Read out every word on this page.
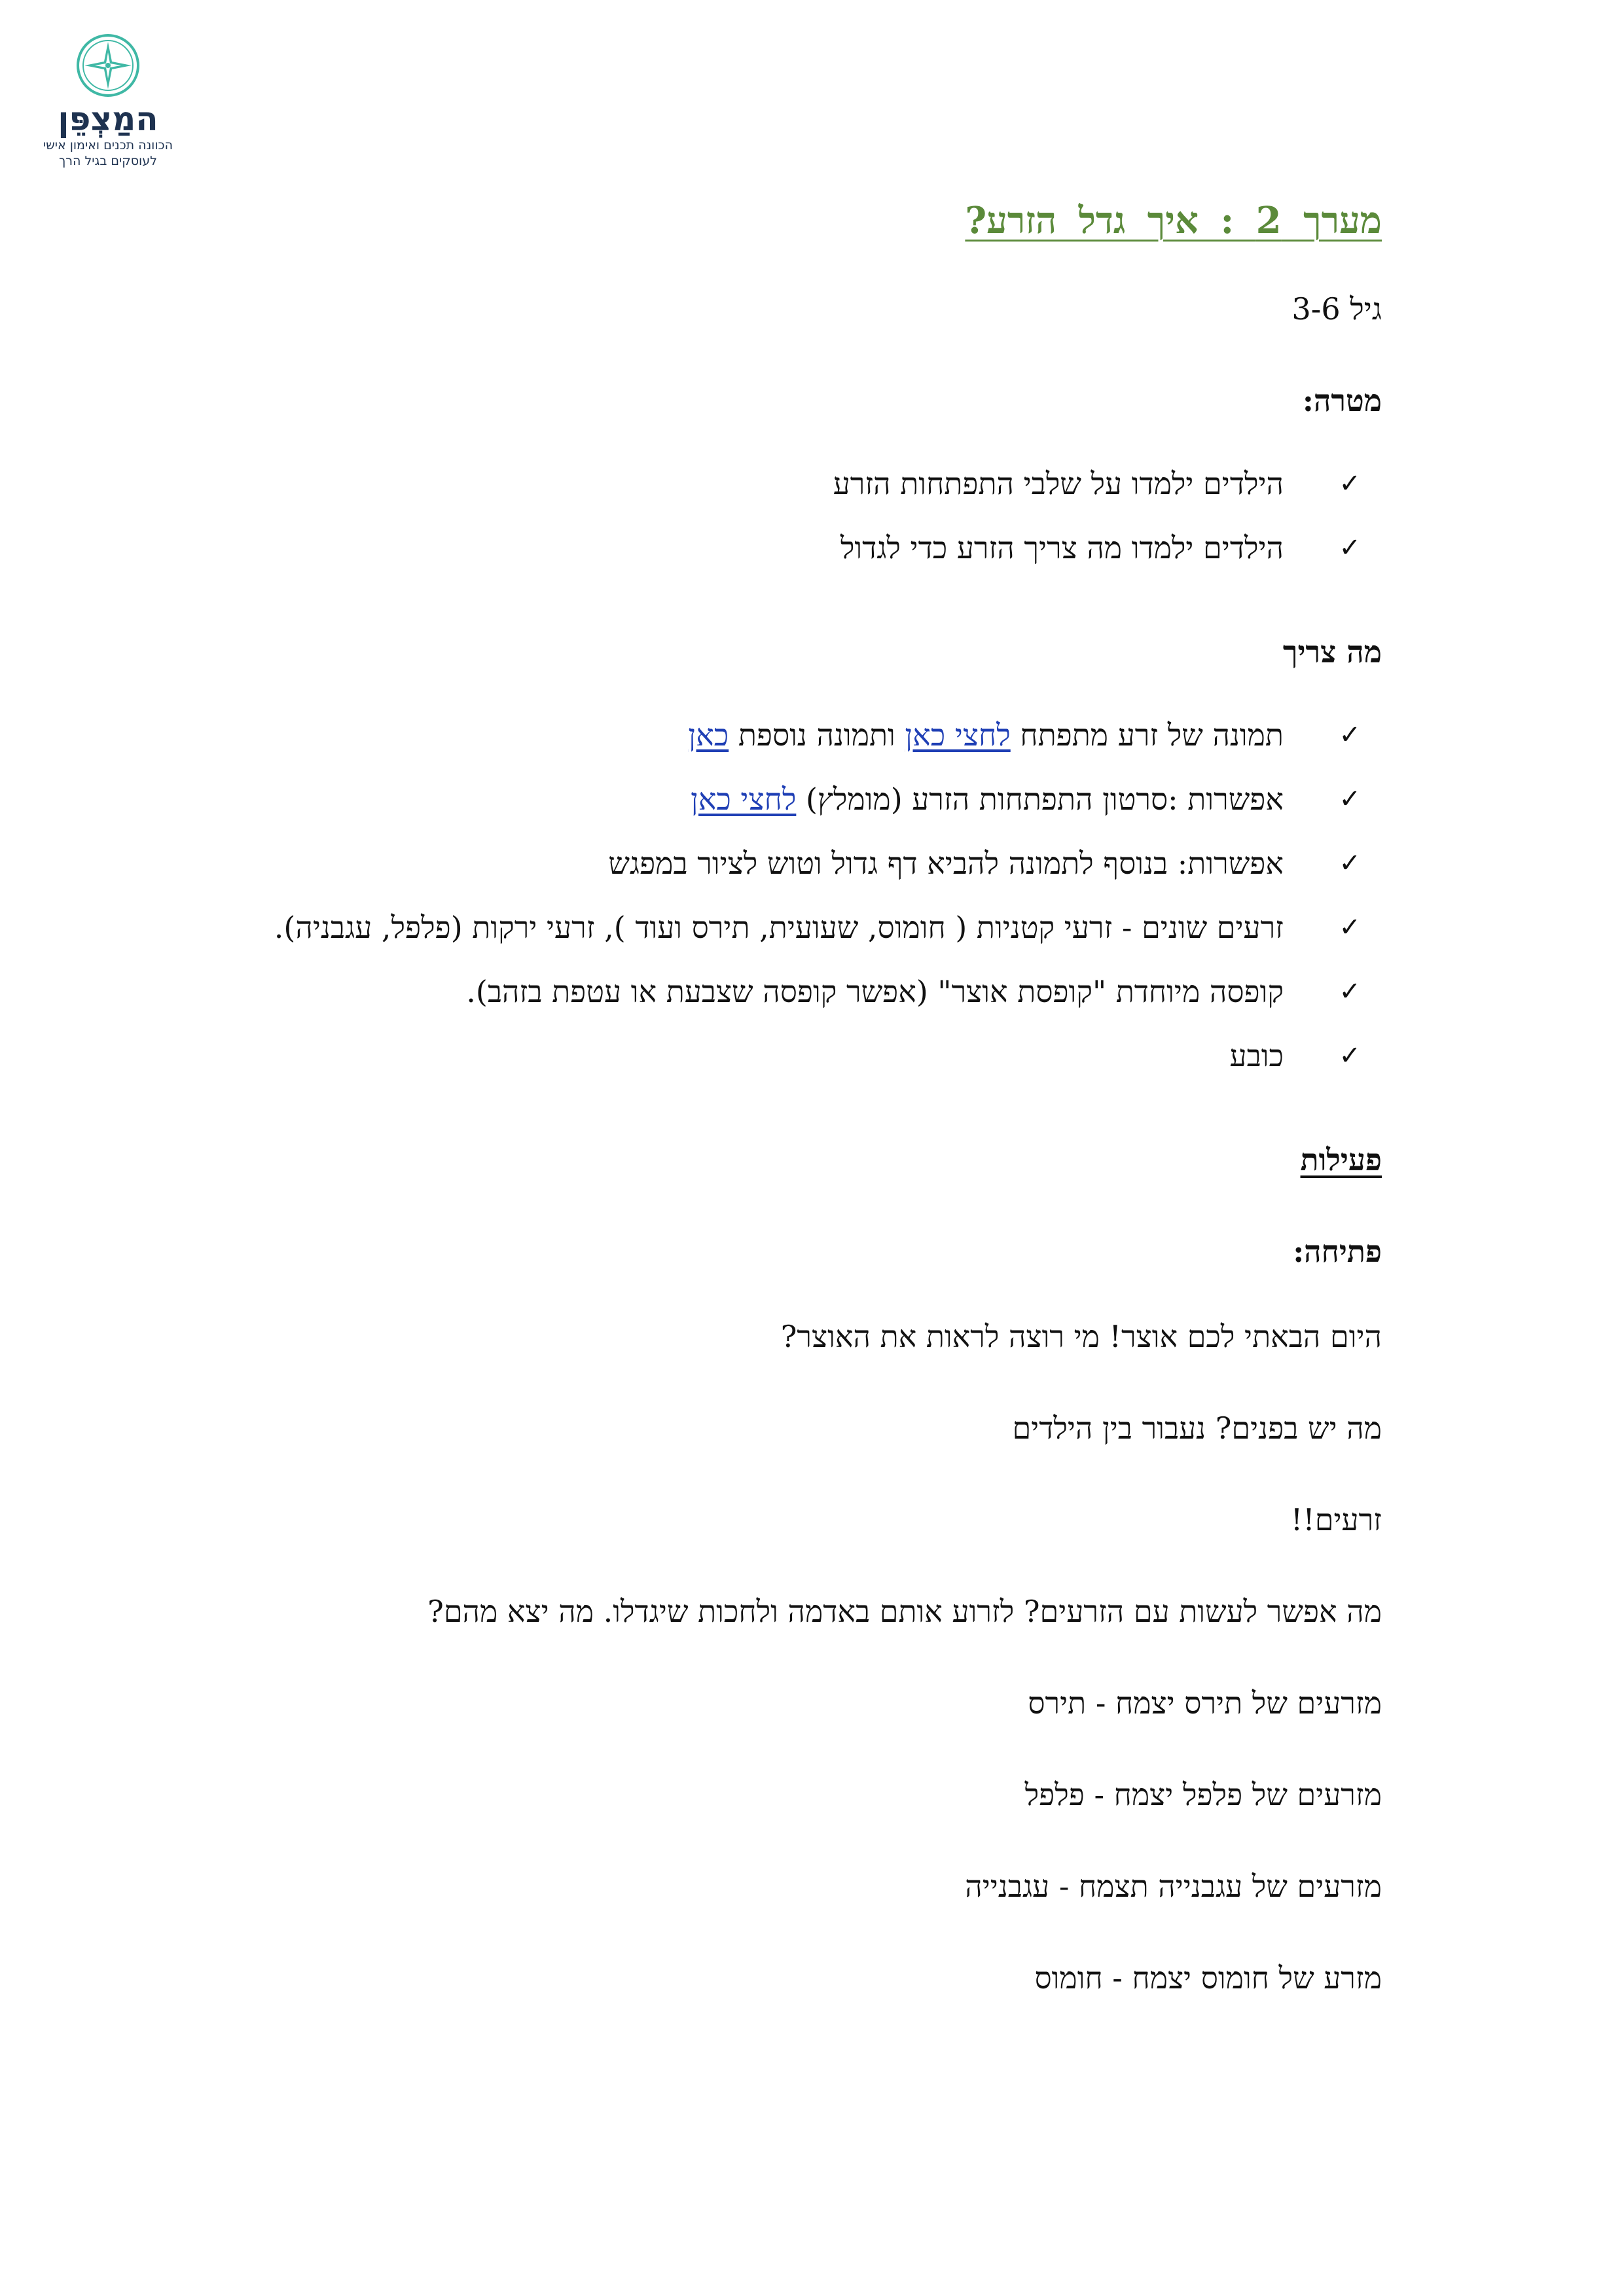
המַצְפֵּן
הכוונה תכנים ואימון אישי
לעוסקים בגיל הרך
מערך 2 : איך גדל הזרע?
גיל 3-6
מטרה:
✓
הילדים ילמדו על שלבי התפתחות הזרע
✓
הילדים ילמדו מה צריך הזרע כדי לגדול
מה צריך
✓
תמונה של זרע מתפתח לחצי כאן ותמונה נוספת כאן
✓
אפשרות :סרטון התפתחות הזרע (מומלץ) לחצי כאן
✓
אפשרות: בנוסף לתמונה להביא דף גדול וטוש לציור במפגש
✓
זרעים שונים - זרעי קטניות ( חומוס, שעועית, תירס ועוד ), זרעי ירקות (פלפל, עגבניה).
✓
קופסה מיוחדת "קופסת אוצר" (אפשר קופסה שצבעת או עטפת בזהב).
✓
כובע
פעילות
פתיחה:

היום הבאתי לכם אוצר! מי רוצה לראות את האוצר?

מה יש בפנים? נעבור בין הילדים

זרעים!!

מה אפשר לעשות עם הזרעים? לזרוע אותם באדמה ולחכות שיגדלו. מה יצא מהם?

מזרעים של תירס יצמח - תירס

מזרעים של פלפל יצמח - פלפל

מזרעים של עגבנייה תצמח - עגבנייה

מזרע של חומוס יצמח - חומוס
